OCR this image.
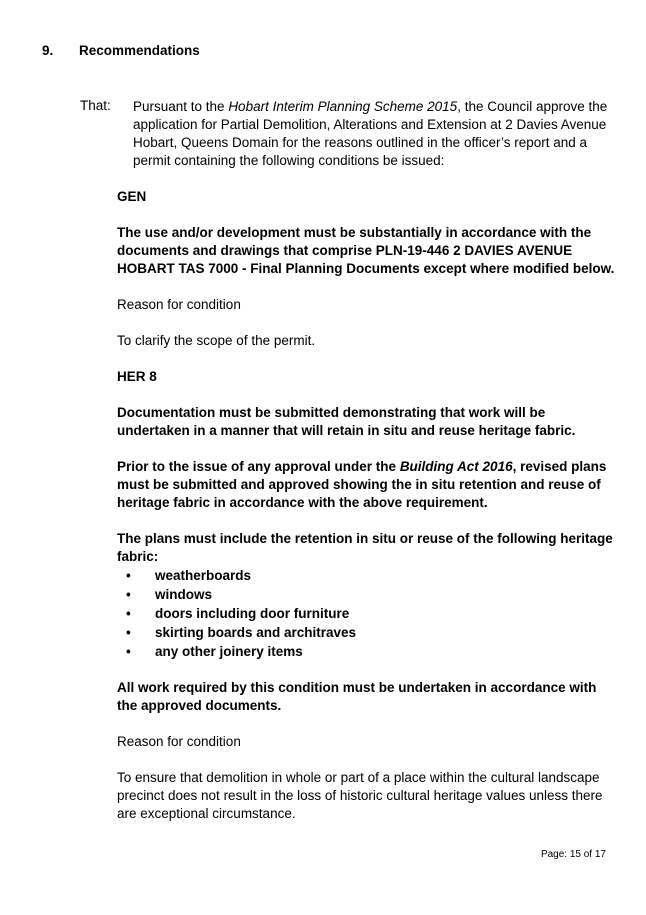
9. Recommendations
That: Pursuant to the Hobart Interim Planning Scheme 2015, the Council approve the application for Partial Demolition, Alterations and Extension at 2 Davies Avenue Hobart, Queens Domain for the reasons outlined in the officer’s report and a permit containing the following conditions be issued:

GEN

The use and/or development must be substantially in accordance with the documents and drawings that comprise PLN-19-446 2 DAVIES AVENUE HOBART TAS 7000 - Final Planning Documents except where modified below.

Reason for condition

To clarify the scope of the permit.

HER 8

Documentation must be submitted demonstrating that work will be undertaken in a manner that will retain in situ and reuse heritage fabric.

Prior to the issue of any approval under the Building Act 2016, revised plans must be submitted and approved showing the in situ retention and reuse of heritage fabric in accordance with the above requirement.

The plans must include the retention in situ or reuse of the following heritage fabric:

• weatherboards
• windows
• doors including door furniture
• skirting boards and architraves
• any other joinery items

All work required by this condition must be undertaken in accordance with the approved documents.

Reason for condition

To ensure that demolition in whole or part of a place within the cultural landscape precinct does not result in the loss of historic cultural heritage values unless there are exceptional circumstance.

Page: 15 of 17
